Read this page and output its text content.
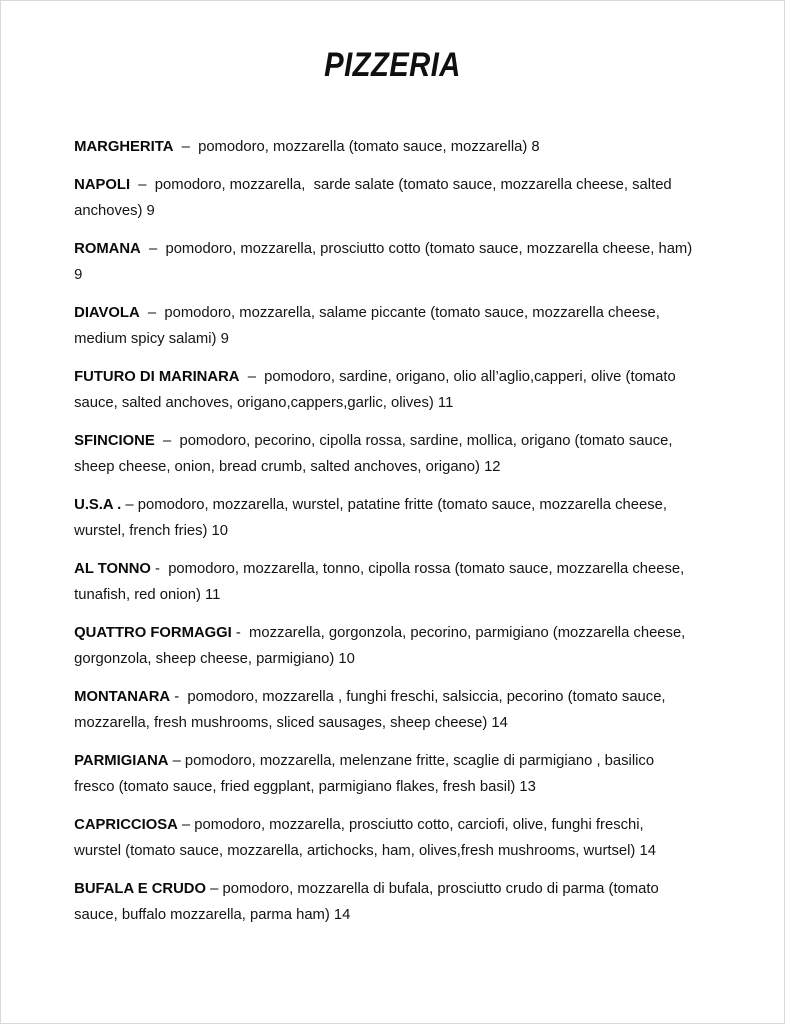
PIZZERIA
MARGHERITA  –  pomodoro, mozzarella (tomato sauce, mozzarella) 8
NAPOLI  –  pomodoro, mozzarella,  sarde salate (tomato sauce, mozzarella cheese, salted anchoves) 9
ROMANA  –  pomodoro, mozzarella, prosciutto cotto (tomato sauce, mozzarella cheese, ham) 9
DIAVOLA  –  pomodoro, mozzarella, salame piccante (tomato sauce, mozzarella cheese, medium spicy salami) 9
FUTURO DI MARINARA  –  pomodoro, sardine, origano, olio all’aglio,capperi, olive (tomato sauce, salted anchoves, origano,cappers,garlic, olives) 11
SFINCIONE  –  pomodoro, pecorino, cipolla rossa, sardine, mollica, origano (tomato sauce, sheep cheese, onion, bread crumb, salted anchoves, origano) 12
U.S.A . – pomodoro, mozzarella, wurstel, patatine fritte (tomato sauce, mozzarella cheese, wurstel, french fries) 10
AL TONNO -  pomodoro, mozzarella, tonno, cipolla rossa (tomato sauce, mozzarella cheese, tunafish, red onion) 11
QUATTRO FORMAGGI -  mozzarella, gorgonzola, pecorino, parmigiano (mozzarella cheese, gorgonzola, sheep cheese, parmigiano) 10
MONTANARA -  pomodoro, mozzarella , funghi freschi, salsiccia, pecorino (tomato sauce, mozzarella, fresh mushrooms, sliced sausages, sheep cheese) 14
PARMIGIANA – pomodoro, mozzarella, melenzane fritte, scaglie di parmigiano , basilico fresco (tomato sauce, fried eggplant, parmigiano flakes, fresh basil) 13
CAPRICCIOSA – pomodoro, mozzarella, prosciutto cotto, carciofi, olive, funghi freschi, wurstel (tomato sauce, mozzarella, artichocks, ham, olives,fresh mushrooms, wurtsel) 14
BUFALA E CRUDO – pomodoro, mozzarella di bufala, prosciutto crudo di parma (tomato sauce, buffalo mozzarella, parma ham) 14
